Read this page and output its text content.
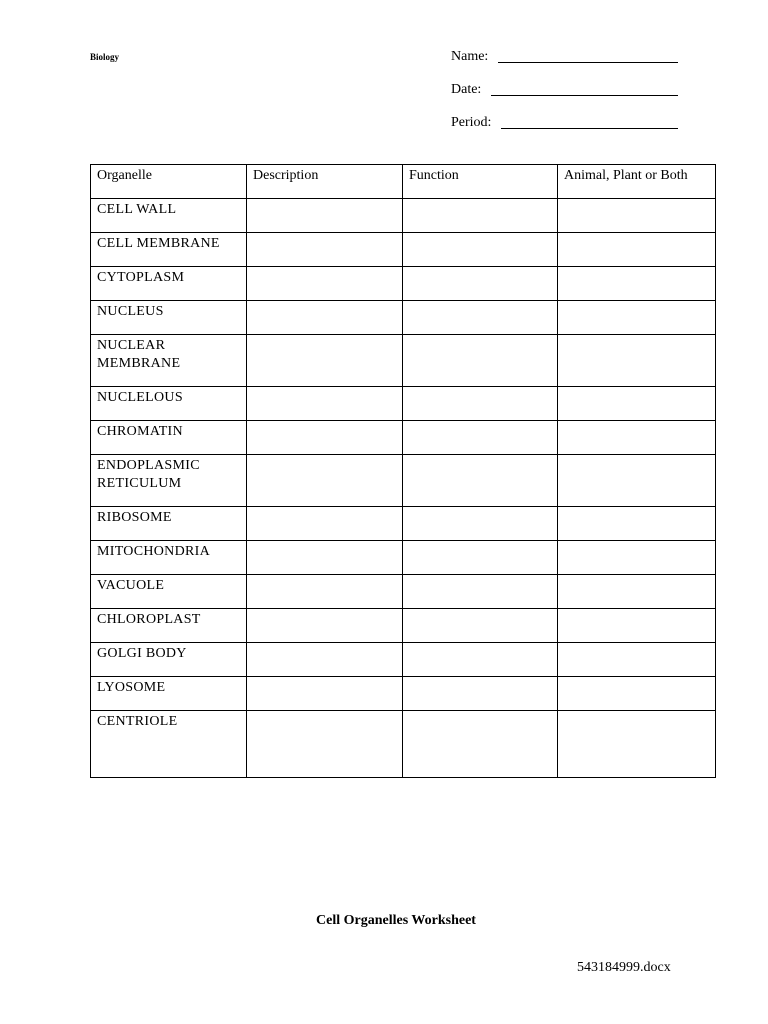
Biology	Name:
Date:
Period:
Organelle	Description	Function	Animal, Plant or Both
CELL WALL			
CELL MEMBRANE			
CYTOPLASM			
NUCLEUS			
NUCLEAR MEMBRANE			
NUCLELOUS			
CHROMATIN			
ENDOPLASMIC RETICULUM			
RIBOSOME			
MITOCHONDRIA			
VACUOLE			
CHLOROPLAST			
GOLGI BODY			
LYOSOME			
CENTRIOLE			
Cell Organelles Worksheet
543184999.docx
